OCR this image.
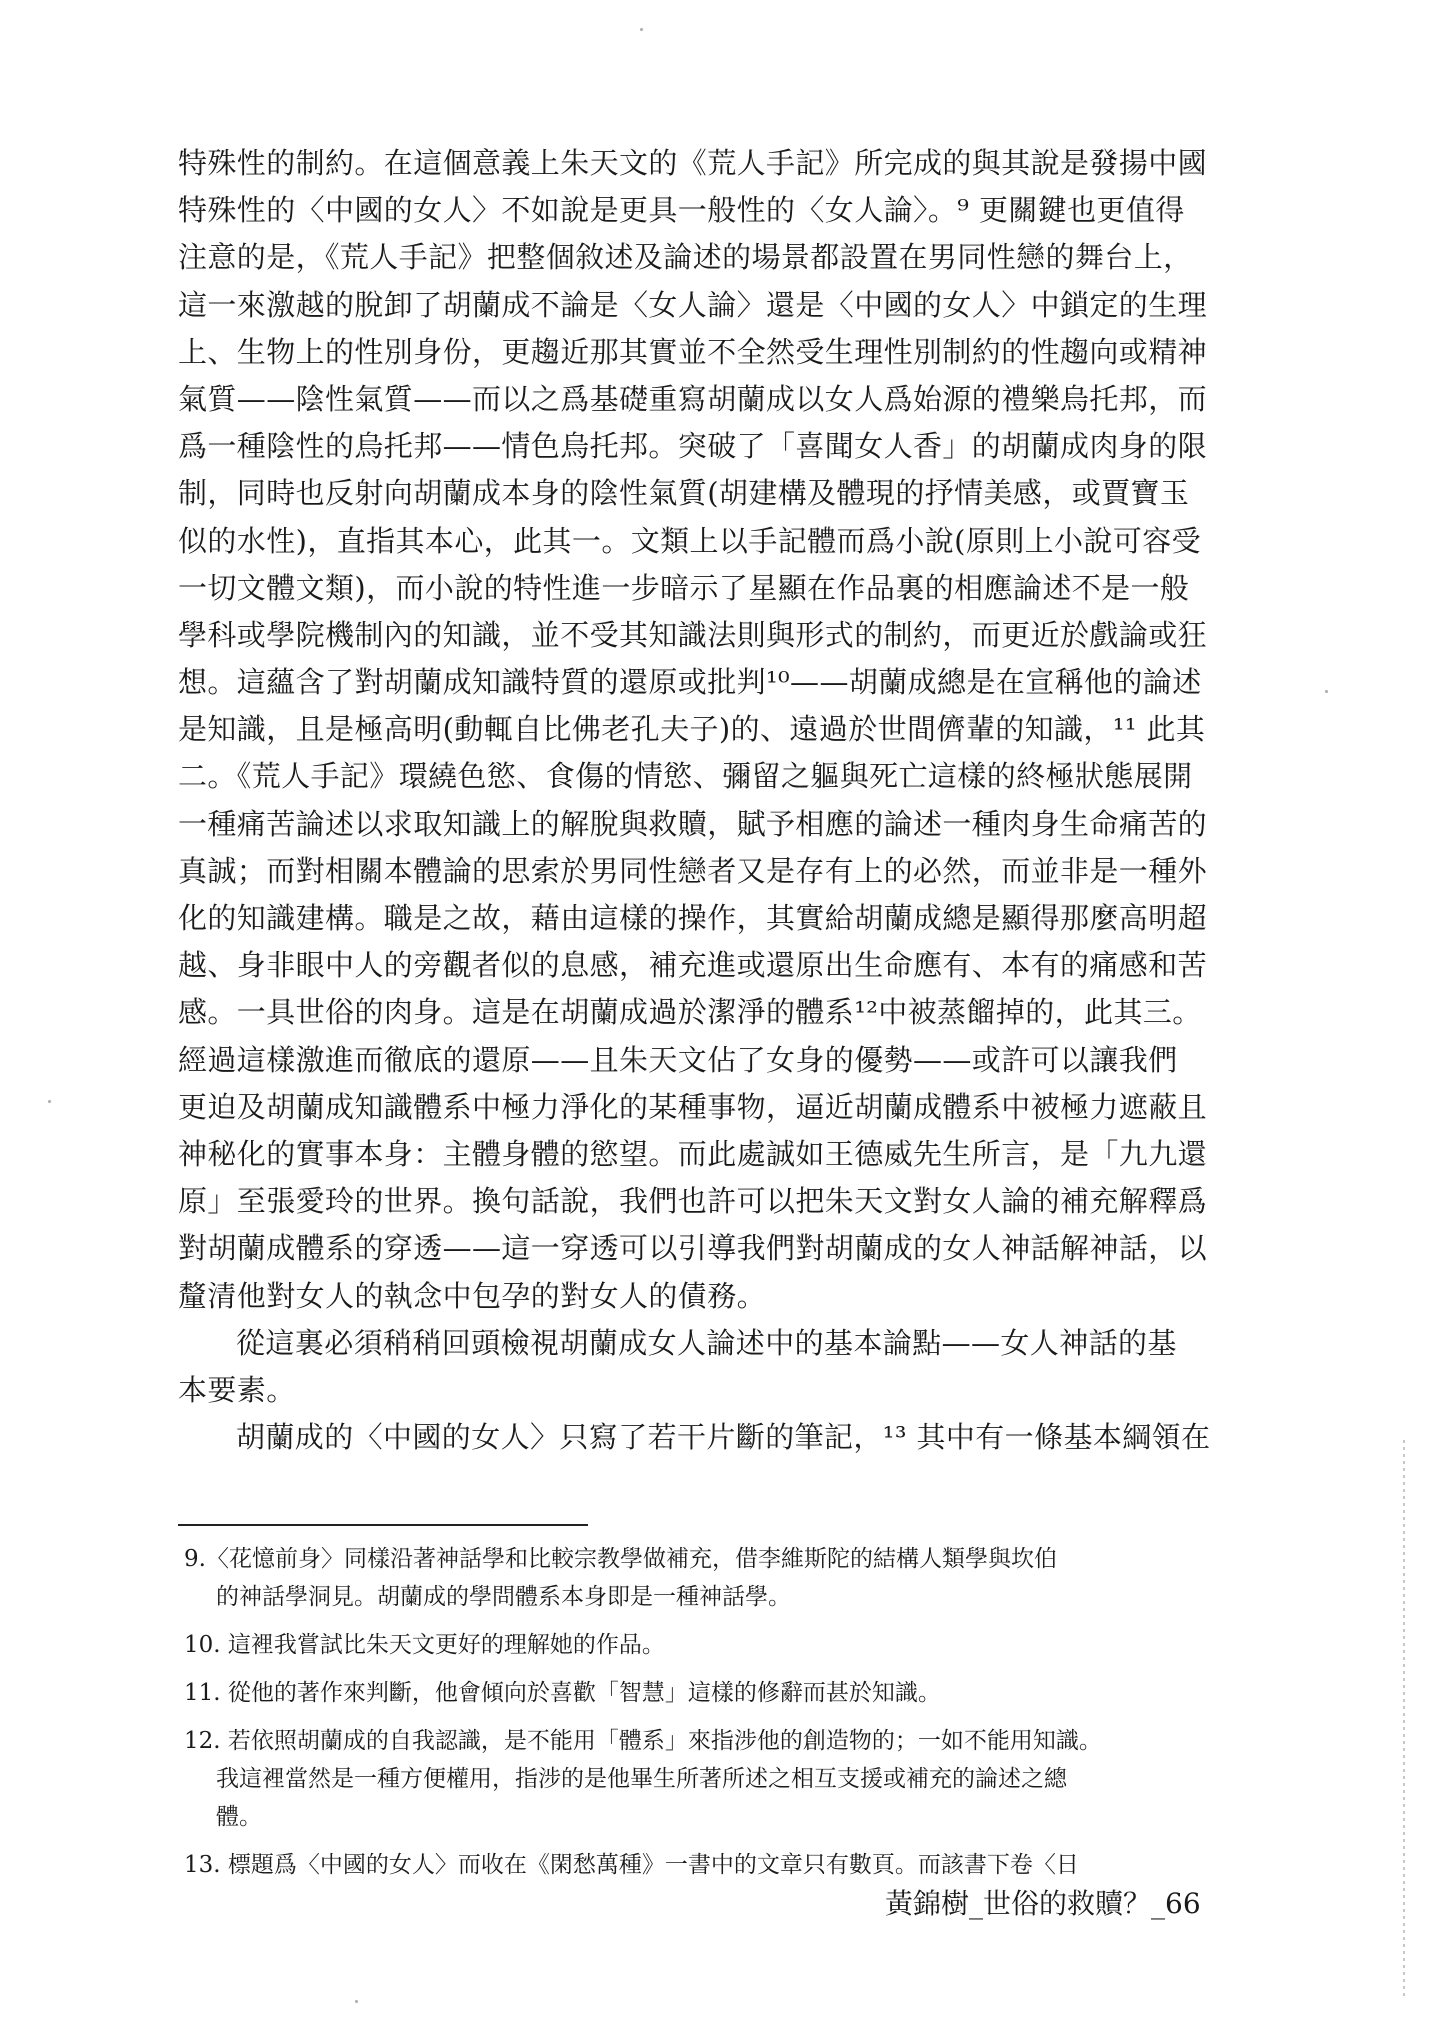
特殊性的制約。在這個意義上朱天文的《荒人手記》所完成的與其說是發揚中國
特殊性的〈中國的女人〉不如說是更具一般性的〈女人論〉。⁹ 更關鍵也更值得
注意的是，《荒人手記》把整個敘述及論述的場景都設置在男同性戀的舞台上，
這一來激越的脫卸了胡蘭成不論是〈女人論〉還是〈中國的女人〉中鎖定的生理
上、生物上的性別身份，更趨近那其實並不全然受生理性別制約的性趨向或精神
氣質——陰性氣質——而以之爲基礎重寫胡蘭成以女人爲始源的禮樂烏托邦，而
爲一種陰性的烏托邦——情色烏托邦。突破了「喜聞女人香」的胡蘭成肉身的限
制，同時也反射向胡蘭成本身的陰性氣質(胡建構及體現的抒情美感，或賈寶玉
似的水性)，直指其本心，此其一。文類上以手記體而爲小說(原則上小說可容受
一切文體文類)，而小說的特性進一步暗示了星顯在作品裏的相應論述不是一般
學科或學院機制內的知識，並不受其知識法則與形式的制約，而更近於戲論或狂
想。這蘊含了對胡蘭成知識特質的還原或批判¹⁰——胡蘭成總是在宣稱他的論述
是知識，且是極高明(動輒自比佛老孔夫子)的、遠過於世間儕輩的知識，¹¹ 此其
二。《荒人手記》環繞色慾、食傷的情慾、彌留之軀與死亡這樣的終極狀態展開
一種痛苦論述以求取知識上的解脫與救贖，賦予相應的論述一種肉身生命痛苦的
真誠；而對相關本體論的思索於男同性戀者又是存有上的必然，而並非是一種外
化的知識建構。職是之故，藉由這樣的操作，其實給胡蘭成總是顯得那麼高明超
越、身非眼中人的旁觀者似的息感，補充進或還原出生命應有、本有的痛感和苦
感。一具世俗的肉身。這是在胡蘭成過於潔淨的體系¹²中被蒸餾掉的，此其三。
經過這樣激進而徹底的還原——且朱天文佔了女身的優勢——或許可以讓我們
更迫及胡蘭成知識體系中極力淨化的某種事物，逼近胡蘭成體系中被極力遮蔽且
神秘化的實事本身：主體身體的慾望。而此處誠如王德威先生所言，是「九九還
原」至張愛玲的世界。換句話說，我們也許可以把朱天文對女人論的補充解釋爲
對胡蘭成體系的穿透——這一穿透可以引導我們對胡蘭成的女人神話解神話，以
釐清他對女人的執念中包孕的對女人的債務。
從這裏必須稍稍回頭檢視胡蘭成女人論述中的基本論點——女人神話的基
本要素。
胡蘭成的〈中國的女人〉只寫了若干片斷的筆記，¹³ 其中有一條基本綱領在
9.〈花憶前身〉同樣沿著神話學和比較宗教學做補充，借李維斯陀的結構人類學與坎伯
的神話學洞見。胡蘭成的學問體系本身即是一種神話學。
10. 這裡我嘗試比朱天文更好的理解她的作品。
11. 從他的著作來判斷，他會傾向於喜歡「智慧」這樣的修辭而甚於知識。
12. 若依照胡蘭成的自我認識，是不能用「體系」來指涉他的創造物的；一如不能用知識。
我這裡當然是一種方便權用，指涉的是他畢生所著所述之相互支援或補充的論述之總
體。
13. 標題爲〈中國的女人〉而收在《閑愁萬種》一書中的文章只有數頁。而該書下卷〈日
黃錦樹_世俗的救贖？_66
